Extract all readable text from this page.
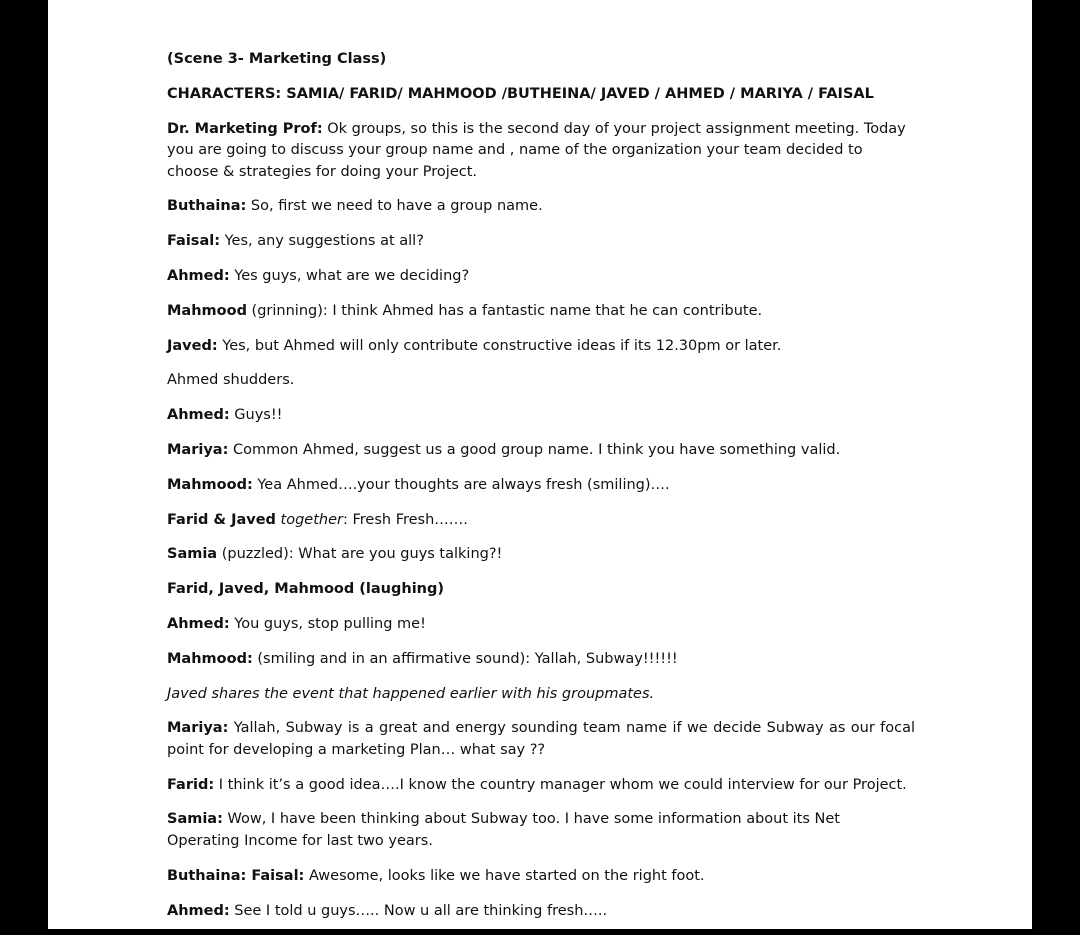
(Scene 3- Marketing Class)
CHARACTERS: SAMIA/ FARID/ MAHMOOD /BUTHEINA/ JAVED / AHMED / MARIYA / FAISAL
Dr. Marketing Prof: Ok groups, so this is the second day of your project assignment meeting. Today you are going to discuss your group name and , name of the organization your team decided to choose & strategies for doing your Project.
Buthaina: So, first we need to have a group name.
Faisal: Yes, any suggestions at all?
Ahmed: Yes guys, what are we deciding?
Mahmood (grinning): I think Ahmed has a fantastic name that he can contribute.
Javed: Yes, but Ahmed will only contribute constructive ideas if its 12.30pm or later.
Ahmed shudders.
Ahmed: Guys!!
Mariya: Common Ahmed, suggest us a good group name. I think you have something valid.
Mahmood: Yea Ahmed….your thoughts are always fresh (smiling)….
Farid & Javed together: Fresh Fresh…….
Samia (puzzled): What are you guys talking?!
Farid, Javed, Mahmood (laughing)
Ahmed: You guys, stop pulling me!
Mahmood: (smiling and in an affirmative sound): Yallah, Subway!!!!!!
Javed shares the event that happened earlier with his groupmates.
Mariya: Yallah, Subway is a great and energy sounding team name if we decide Subway as our focal point for developing a marketing Plan… what say ??
Farid: I think it’s a good idea….I know the country manager whom we could interview for our Project.
Samia: Wow, I have been thinking about Subway too. I have some information about its Net Operating Income for last two years.
Buthaina: Faisal: Awesome, looks like we have started on the right foot.
Ahmed: See I told u guys….. Now u all are thinking fresh…..
